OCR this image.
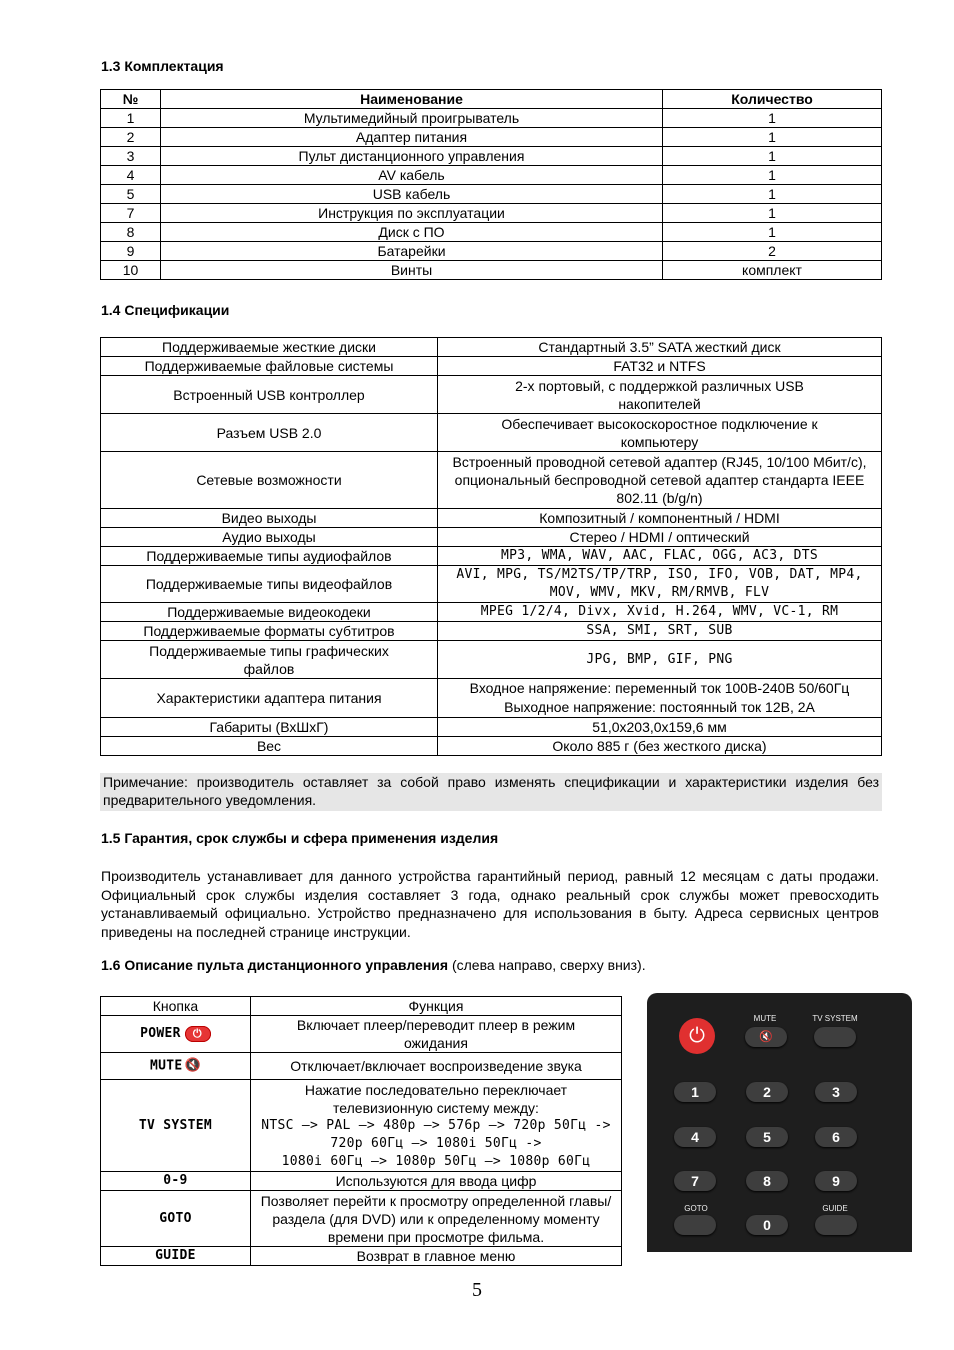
1.3 Комплектация
№	Наименование	Количество
1	Мультимедийный проигрыватель	1
2	Адаптер питания	1
3	Пульт дистанционного управления	1
4	AV кабель	1
5	USB кабель	1
7	Инструкция по эксплуатации	1
8	Диск с ПО	1
9	Батарейки	2
10	Винты	комплект
1.4 Спецификации
Поддерживаемые жесткие диски	Стандартный 3.5” SATA жесткий диск
Поддерживаемые файловые системы	FAT32 и NTFS
Встроенный USB контроллер	2-х портовый, с поддержкой различных USB накопителей
Разъем USB 2.0	Обеспечивает высокоскоростное подключение к компьютеру
Сетевые возможности	Встроенный проводной сетевой адаптер (RJ45, 10/100 Мбит/с), опциональный беспроводной сетевой адаптер стандарта IEEE 802.11 (b/g/n)
Видео выходы	Композитный / компонентный / HDMI
Аудио выходы	Стерео / HDMI / оптический
Поддерживаемые типы аудиофайлов	MP3, WMA, WAV, AAC, FLAC, OGG, AC3, DTS
Поддерживаемые типы видеофайлов	AVI, MPG, TS/M2TS/TP/TRP, ISO, IFO, VOB, DAT, MP4, MOV, WMV, MKV, RM/RMVB, FLV
Поддерживаемые видеокодеки	MPEG 1/2/4, Divx, Xvid, H.264, WMV, VC-1, RM
Поддерживаемые форматы субтитров	SSA, SMI, SRT, SUB
Поддерживаемые типы графических файлов	JPG, BMP, GIF, PNG
Характеристики адаптера питания	Входное напряжение: переменный ток 100В-240В 50/60Гц Выходное напряжение: постоянный ток 12В, 2А
Габариты (ВхШхГ)	51,0x203,0x159,6 мм
Вес	Около 885 г (без жесткого диска)
Примечание: производитель оставляет за собой право изменять спецификации и характеристики изделия без предварительного уведомления.
1.5 Гарантия, срок службы и сфера применения изделия

Производитель устанавливает для данного устройства гарантийный период, равный 12 месяцам с даты продажи. Официальный срок службы изделия составляет 3 года, однако реальный срок службы может превосходить устанавливаемый официально. Устройство предназначено для использования в быту. Адреса сервисных центров приведены на последней странице инструкции.

1.6 Описание пульта дистанционного управления (слева направо, сверху вниз).

Кнопка	Функция
POWER⏻	Включает плеер/переводит плеер в режим ожидания
MUTE 🔇	Отключает/включает воспроизведение звука
TV SYSTEM	Нажатие последовательно переключает телевизионную систему между:
NTSC –> PAL –> 480p –> 576p –> 720p 50Гц ->
720p 60Гц –> 1080i 50Гц ->
1080i 60Гц –> 1080p 50Гц –> 1080p 60Гц

0-9	Используются для ввода цифр
GOTO	Позволяет перейти к просмотру определенной главы/раздела (для DVD) или к определенному моменту времени при просмотре фильма.
GUIDE	Возврат в главное меню
⏻
MUTE	TV SYSTEM
🔇
1	2	3
4	5	6
7	8	9
GOTO	GUIDE
0
5
